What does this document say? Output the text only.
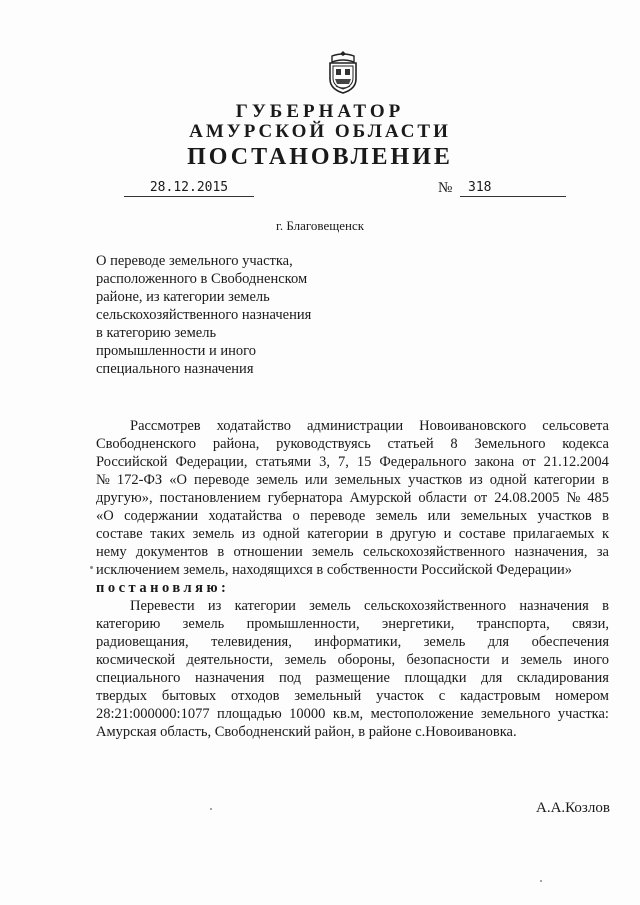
ГУБЕРНАТОР
АМУРСКОЙ ОБЛАСТИ
ПОСТАНОВЛЕНИЕ
28.12.2015	№	318
г. Благовещенск
О переводе земельного участка,
расположенного в Свободненском
районе, из категории земель
сельскохозяйственного назначения
в категорию земель
промышленности и иного
специального назначения
Рассмотрев ходатайство администрации Новоивановского сельсовета
Свободненского района, руководствуясь статьей 8 Земельного кодекса
Российской Федерации, статьями 3, 7, 15 Федерального закона от 21.12.2004
№ 172-ФЗ «О переводе земель или земельных участков из одной категории в
другую», постановлением губернатора Амурской области от 24.08.2005 № 485
«О содержании ходатайства о переводе земель или земельных участков в
составе таких земель из одной категории в другую и составе прилагаемых к
нему документов в отношении земель сельскохозяйственного назначения, за
исключением земель, находящихся в собственности Российской Федерации»
постановляю:
Перевести из категории земель сельскохозяйственного назначения в
категорию земель промышленности, энергетики, транспорта, связи,
радиовещания, телевидения, информатики, земель для обеспечения
космической деятельности, земель обороны, безопасности и земель иного
специального назначения под размещение площадки для складирования
твердых бытовых отходов земельный участок с кадастровым номером
28:21:000000:1077 площадью 10000 кв.м, местоположение земельного участка:
Амурская область, Свободненский район, в районе с.Новоивановка.
А.А.Козлов
